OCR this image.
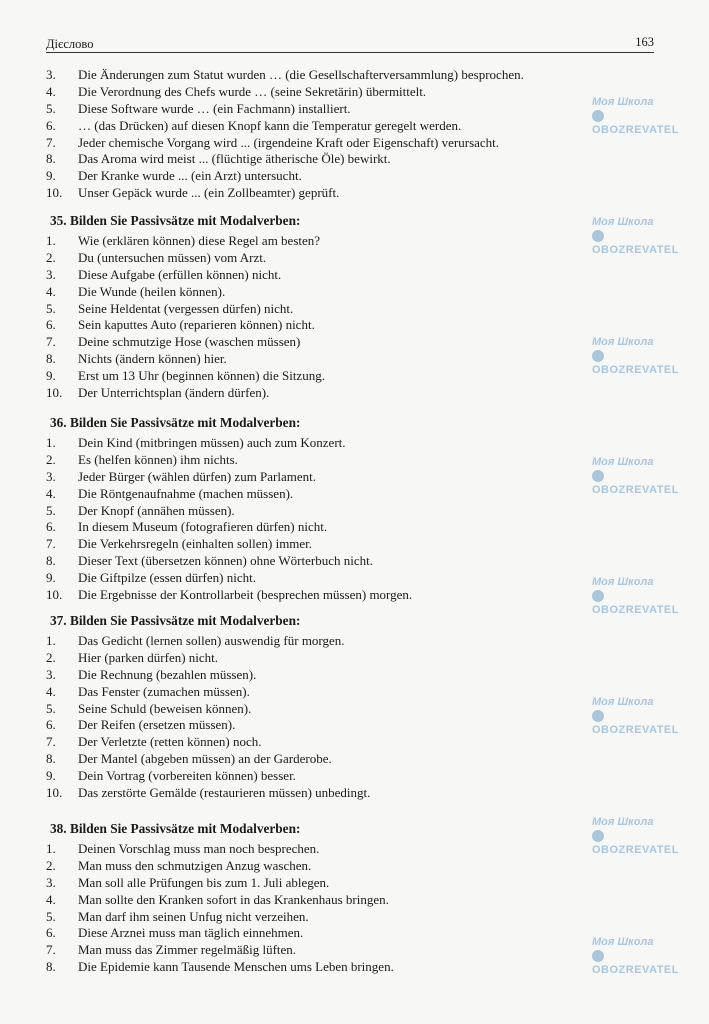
Дієслово	163
Моя Школа
OBOZREVATEL
Моя Школа
OBOZREVATEL
Моя Школа
OBOZREVATEL
Моя Школа
OBOZREVATEL
Моя Школа
OBOZREVATEL
Моя Школа
OBOZREVATEL
Моя Школа
OBOZREVATEL
Моя Школа
OBOZREVATEL
3.	Die Änderungen zum Statut wurden … (die Gesellschafterversammlung) besprochen.
4.	Die Verordnung des Chefs wurde … (seine Sekretärin) übermittelt.
5.	Diese Software wurde … (ein Fachmann) installiert.
6.	… (das Drücken) auf diesen Knopf kann die Temperatur geregelt werden.
7.	Jeder chemische Vorgang wird ... (irgendeine Kraft oder Eigenschaft) verursacht.
8.	Das Aroma wird meist ... (flüchtige ätherische Öle) bewirkt.
9.	Der Kranke wurde ... (ein Arzt) untersucht.
10.	Unser Gepäck wurde ... (ein Zollbeamter) geprüft.
35. Bilden Sie Passivsätze mit Modalverben:
1.	Wie (erklären können) diese Regel am besten?
2.	Du (untersuchen müssen) vom Arzt.
3.	Diese Aufgabe (erfüllen können) nicht.
4.	Die Wunde (heilen können).
5.	Seine Heldentat (vergessen dürfen) nicht.
6.	Sein kaputtes Auto (reparieren können) nicht.
7.	Deine schmutzige Hose (waschen müssen)
8.	Nichts (ändern können) hier.
9.	Erst um 13 Uhr (beginnen können) die Sitzung.
10.	Der Unterrichtsplan (ändern dürfen).
36. Bilden Sie Passivsätze mit Modalverben:
1.	Dein Kind (mitbringen müssen) auch zum Konzert.
2.	Es (helfen können) ihm nichts.
3.	Jeder Bürger (wählen dürfen) zum Parlament.
4.	Die Röntgenaufnahme (machen müssen).
5.	Der Knopf (annähen müssen).
6.	In diesem Museum (fotografieren dürfen) nicht.
7.	Die Verkehrsregeln (einhalten sollen) immer.
8.	Dieser Text (übersetzen können) ohne Wörterbuch nicht.
9.	Die Giftpilze (essen dürfen) nicht.
10.	Die Ergebnisse der Kontrollarbeit (besprechen müssen) morgen.
37. Bilden Sie Passivsätze mit Modalverben:
1.	Das Gedicht (lernen sollen) auswendig für morgen.
2.	Hier (parken dürfen) nicht.
3.	Die Rechnung (bezahlen müssen).
4.	Das Fenster (zumachen müssen).
5.	Seine Schuld (beweisen können).
6.	Der Reifen (ersetzen müssen).
7.	Der Verletzte (retten können) noch.
8.	Der Mantel (abgeben müssen) an der Garderobe.
9.	Dein Vortrag (vorbereiten können) besser.
10.	Das zerstörte Gemälde (restaurieren müssen) unbedingt.
38. Bilden Sie Passivsätze mit Modalverben:
1.	Deinen Vorschlag muss man noch besprechen.
2.	Man muss den schmutzigen Anzug waschen.
3.	Man soll alle Prüfungen bis zum 1. Juli ablegen.
4.	Man sollte den Kranken sofort in das Krankenhaus bringen.
5.	Man darf ihm seinen Unfug nicht verzeihen.
6.	Diese Arznei muss man täglich einnehmen.
7.	Man muss das Zimmer regelmäßig lüften.
8.	Die Epidemie kann Tausende Menschen ums Leben bringen.
